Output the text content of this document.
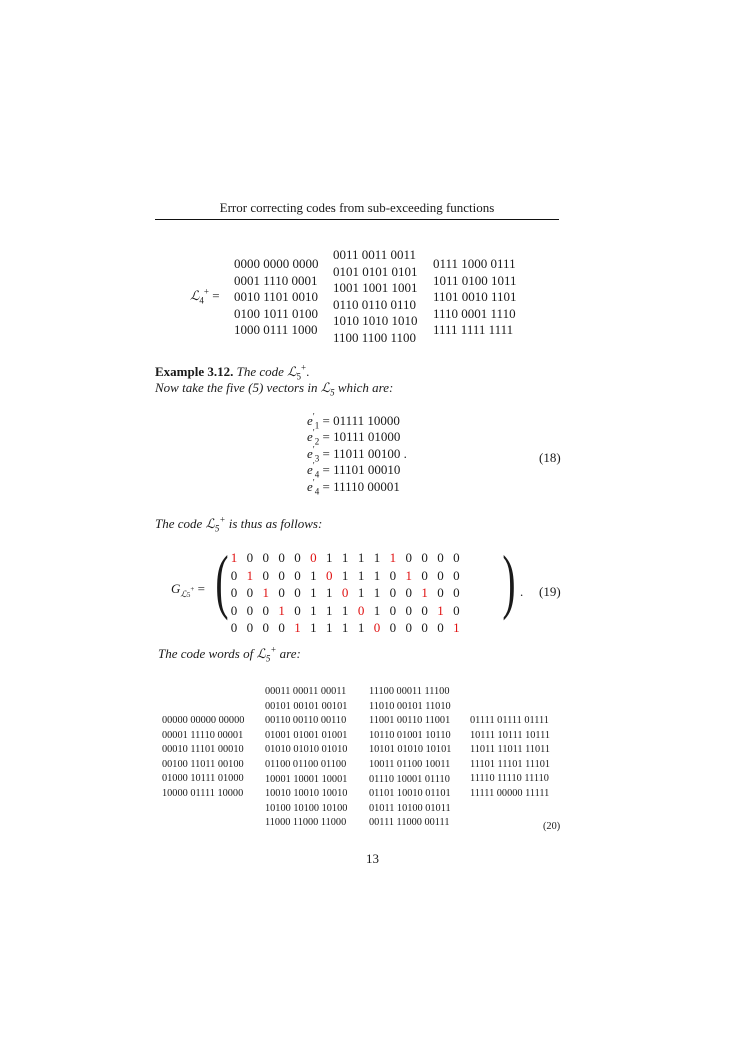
Error correcting codes from sub-exceeding functions
ℒ$_4$+ =
0000 0000 0000
0001 1110 0001
0010 1101 0010
0100 1011 0100
1000 0111 1000
0011 0011 0011
0101 0101 0101
1001 1001 1001
0110 0110 0110
1010 1010 1010
1100 1100 1100
0111 1000 0111
1011 0100 1011
1101 0010 1101
1110 0001 1110
1111 1111 1111
Example 3.12. The code ℒ$_5$+.
Now take the five (5) vectors in ℒ$_5$ which are:
$e'_1 = 01111$ 10000
$e'_2 = 10111$ 01000
$e'_3 = 11011$ 00100 .
$e'_4 = 11101$ 00010
$e'_4 = 11110$ 00001
(18)
The code ℒ$_5$+ is thus as follows:
$G_{ℒ5^+}$ = ( 1 0 0 0 0 0 1 1 1 1 1 0 0 0 0
0 1 0 0 0 1 0 1 1 1 0 1 0 0 0
0 0 1 0 0 1 1 0 1 1 0 0 1 0 0
0 0 0 1 0 1 1 1 0 1 0 0 0 1 0
0 0 0 0 1 1 1 1 1 0 0 0 0 0 1
) . (19)
The code words of ℒ$_5$+ are:
00000 00000 00000
00001 11110 00001
00010 11101 00010
00100 11011 00100
01000 10111 01000
10000 01111 10000
00011 00011 00011
00101 00101 00101
00110 00110 00110
01001 01001 01001
01010 01010 01010
01100 01100 01100
10001 10001 10001
10010 10010 10010
10100 10100 10100
11000 11000 11000
11100 00011 11100
11010 00101 11010
11001 00110 11001
10110 01001 10110
10101 01010 10101
10011 01100 10011
01110 10001 01110
01101 10010 01101
01011 10100 01011
00111 11000 00111
01111 01111 01111
10111 10111 10111
11011 11011 11011
11101 11101 11101
11110 11110 11110
11111 00000 11111
(20)
13
